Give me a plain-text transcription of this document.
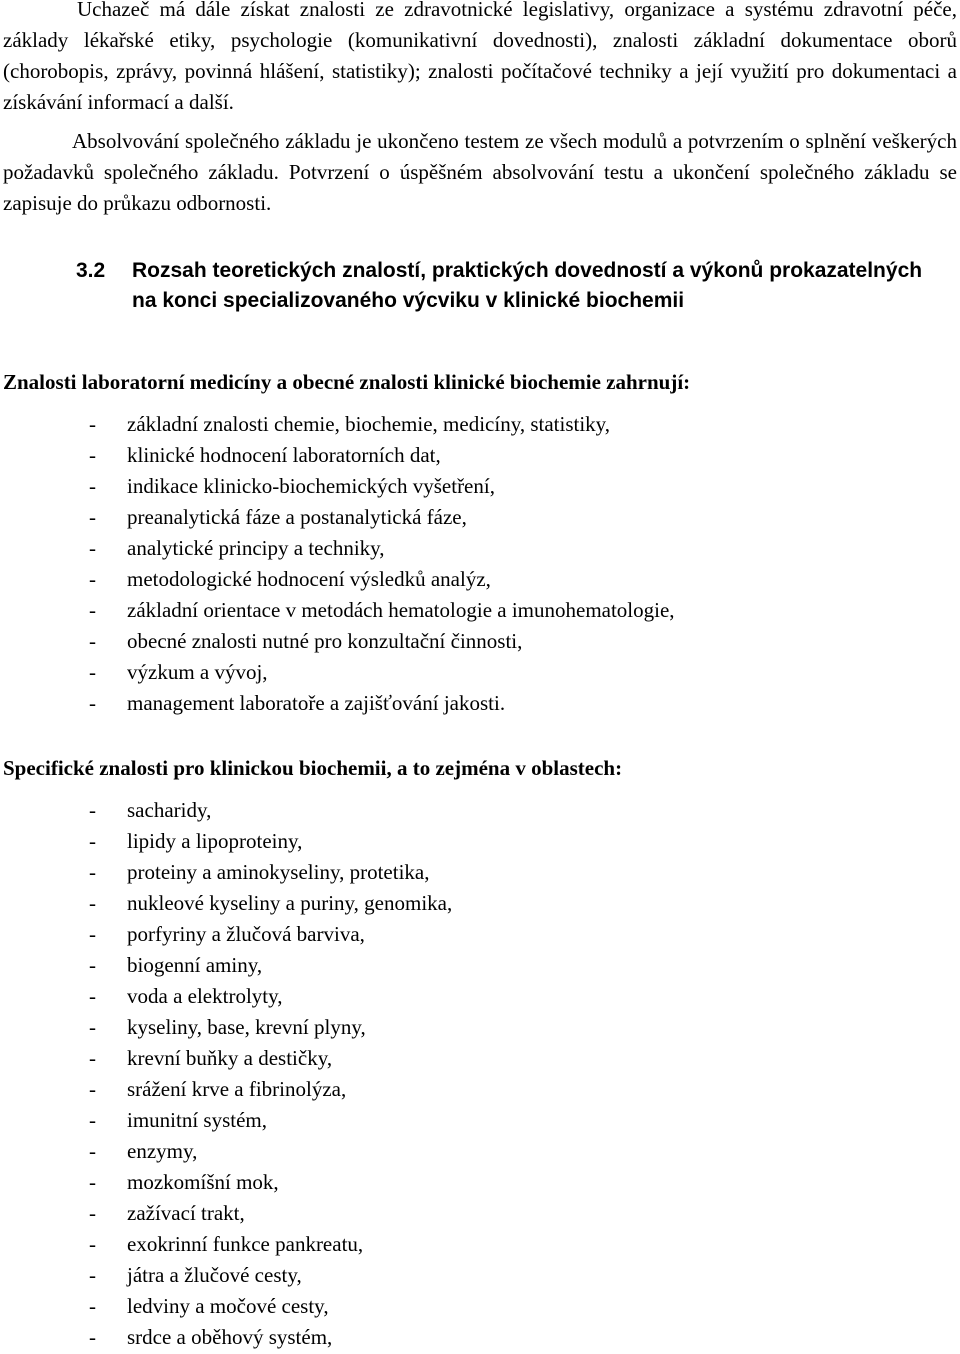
Uchazeč má dále získat znalosti ze zdravotnické legislativy, organizace a systému zdravotní péče, základy lékařské etiky, psychologie (komunikativní dovednosti), znalosti základní dokumentace oborů (chorobopis, zprávy, povinná hlášení, statistiky); znalosti počítačové techniky a její využití pro dokumentaci a získávání informací a další.

Absolvování společného základu je ukončeno testem ze všech modulů a potvrzením o splnění veškerých požadavků společného základu. Potvrzení o úspěšném absolvování testu a ukončení společného základu se zapisuje do průkazu odbornosti.

3.2 Rozsah teoretických znalostí, praktických dovedností a výkonů prokazatelných na konci specializovaného výcviku v klinické biochemii
Znalosti laboratorní medicíny a obecné znalosti klinické biochemie zahrnují:
- základní znalosti chemie, biochemie, medicíny, statistiky,
- klinické hodnocení laboratorních dat,
- indikace klinicko-biochemických vyšetření,
- preanalytická fáze a postanalytická fáze,
- analytické principy a techniky,
- metodologické hodnocení výsledků analýz,
- základní orientace v metodách hematologie a imunohematologie,
- obecné znalosti nutné pro konzultační činnosti,
- výzkum a vývoj,
- management laboratoře a zajišťování jakosti.
Specifické znalosti pro klinickou biochemii, a to zejména v oblastech:
- sacharidy,
- lipidy a lipoproteiny,
- proteiny a aminokyseliny, protetika,
- nukleové kyseliny a puriny, genomika,
- porfyriny a žlučová barviva,
- biogenní aminy,
- voda a elektrolyty,
- kyseliny, base, krevní plyny,
- krevní buňky a destičky,
- srážení krve a fibrinolýza,
- imunitní systém,
- enzymy,
- mozkomíšní mok,
- zažívací trakt,
- exokrinní funkce pankreatu,
- játra a žlučové cesty,
- ledviny a močové cesty,
- srdce a oběhový systém,
